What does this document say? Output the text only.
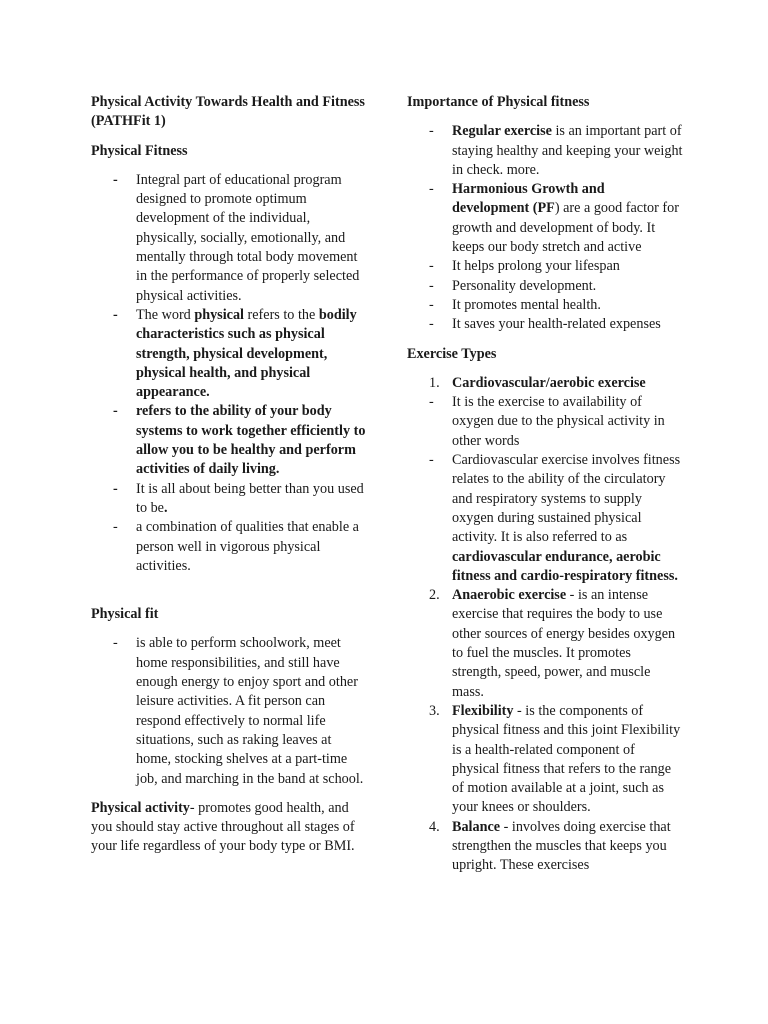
Physical Activity Towards Health and Fitness (PATHFit 1)

Physical Fitness

- Integral part of educational program designed to promote optimum development of the individual, physically, socially, emotionally, and mentally through total body movement in the performance of properly selected physical activities.
- The word physical refers to the bodily characteristics such as physical strength, physical development, physical health, and physical appearance.
- refers to the ability of your body systems to work together efficiently to allow you to be healthy and perform activities of daily living.
- It is all about being better than you used to be.
- a combination of qualities that enable a person well in vigorous physical activities.

Physical fit

- is able to perform schoolwork, meet home responsibilities, and still have enough energy to enjoy sport and other leisure activities. A fit person can respond effectively to normal life situations, such as raking leaves at home, stocking shelves at a part-time job, and marching in the band at school.

Physical activity- promotes good health, and you should stay active throughout all stages of your life regardless of your body type or BMI.

Importance of Physical fitness

- Regular exercise is an important part of staying healthy and keeping your weight in check. more.
- Harmonious Growth and development (PF) are a good factor for growth and development of body. It keeps our body stretch and active
- It helps prolong your lifespan
- Personality development.
- It promotes mental health.
- It saves your health-related expenses

Exercise Types

1. Cardiovascular/aerobic exercise
- It is the exercise to availability of oxygen due to the physical activity in other words
- Cardiovascular exercise involves fitness relates to the ability of the circulatory and respiratory systems to supply oxygen during sustained physical activity. It is also referred to as cardiovascular endurance, aerobic fitness and cardio-respiratory fitness.
2. Anaerobic exercise - is an intense exercise that requires the body to use other sources of energy besides oxygen to fuel the muscles. It promotes strength, speed, power, and muscle mass.
3. Flexibility - is the components of physical fitness and this joint Flexibility is a health-related component of physical fitness that refers to the range of motion available at a joint, such as your knees or shoulders.
4. Balance - involves doing exercise that strengthen the muscles that keeps you upright. These exercises
